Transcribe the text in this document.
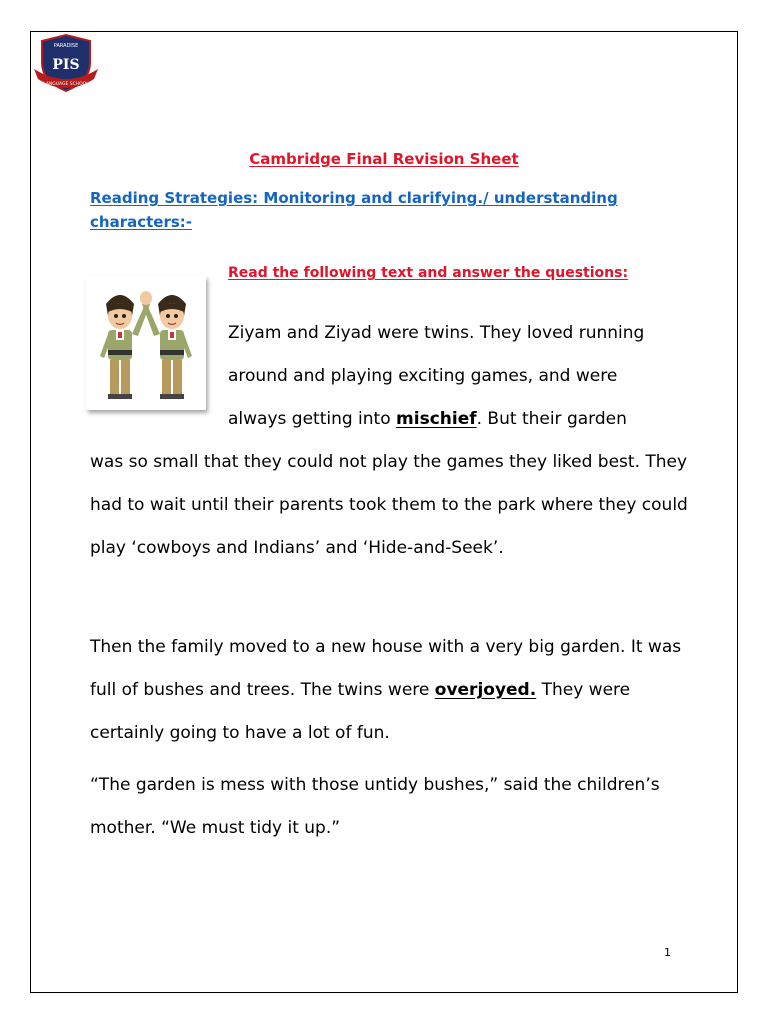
PARADISE
PIS
LANGUAGE SCHOOL
Cambridge Final Revision Sheet
Reading Strategies: Monitoring and clarifying./ understanding characters:-
Read the following text and answer the questions:
Ziyam and Ziyad were twins. They loved running
around and playing exciting games, and were
always getting into mischief. But their garden
was so small that they could not play the games they liked best. They had to wait until their parents took them to the park where they could play ‘cowboys and Indians’ and ‘Hide-and-Seek’.
Then the family moved to a new house with a very big garden. It was full of bushes and trees. The twins were overjoyed. They were certainly going to have a lot of fun.
“The garden is mess with those untidy bushes,” said the children’s mother. “We must tidy it up.”
1
